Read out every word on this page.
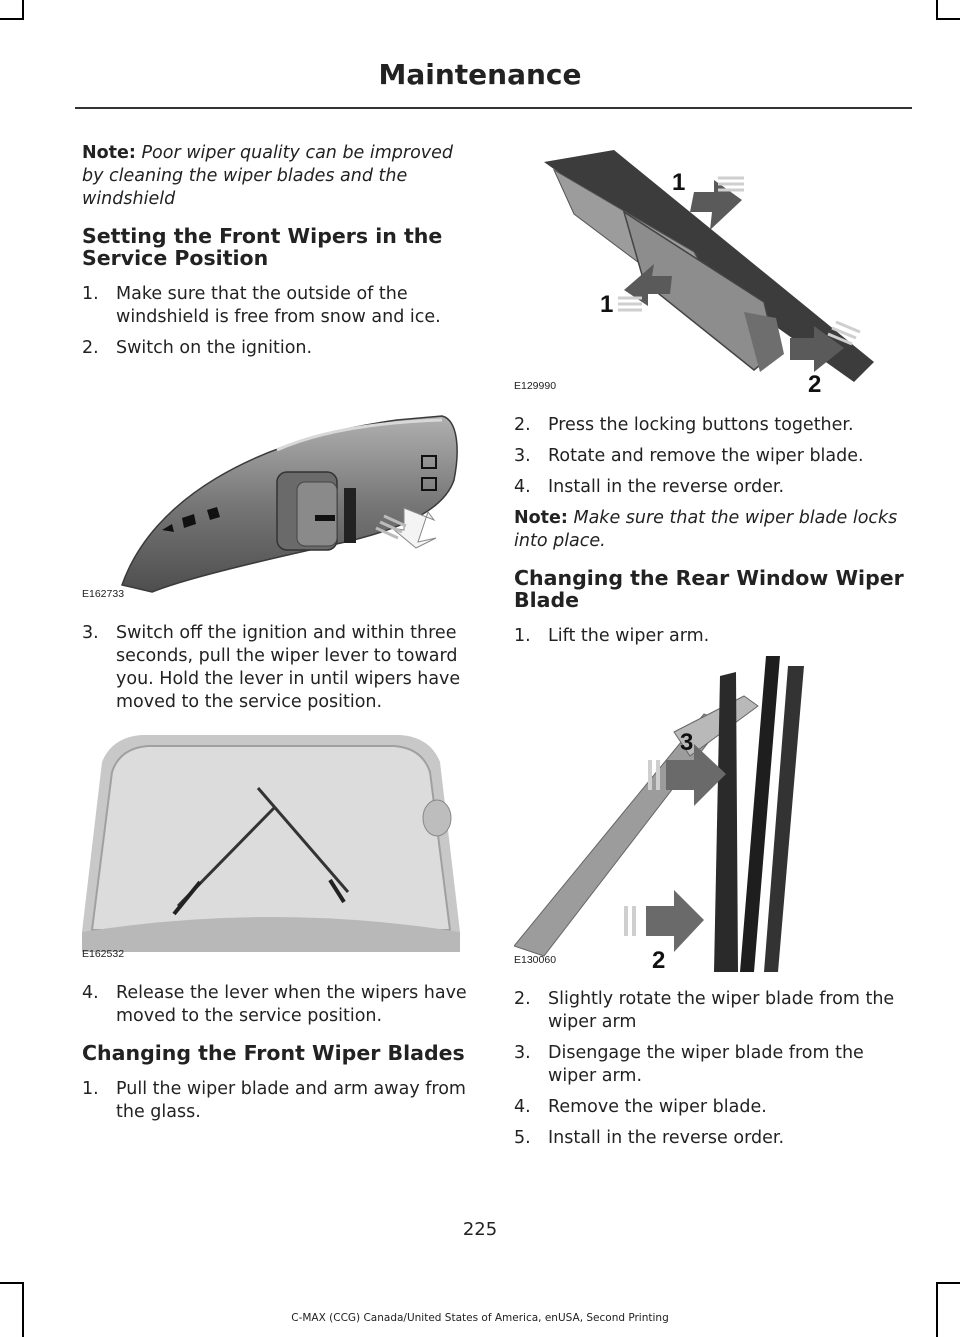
Maintenance

Note: Poor wiper quality can be improved by cleaning the wiper blades and the windshield

Setting the Front Wipers in the Service Position
1. Make sure that the outside of the windshield is free from snow and ice.
2. Switch on the ignition.
E162733
3. Switch off the ignition and within three seconds, pull the wiper lever to toward you. Hold the lever in until wipers have moved to the service position.
E162532
4. Release the lever when the wipers have moved to the service position.
Changing the Front Wiper Blades
1. Pull the wiper blade and arm away from the glass.
1
1
2
E129990
2. Press the locking buttons together.
3. Rotate and remove the wiper blade.
4. Install in the reverse order.

Note: Make sure that the wiper blade locks into place.

Changing the Rear Window Wiper Blade
1. Lift the wiper arm.
3
2
E130060
2. Slightly rotate the wiper blade from the wiper arm
3. Disengage the wiper blade from the wiper arm.
4. Remove the wiper blade.
5. Install in the reverse order.
225
C-MAX (CCG) Canada/United States of America, enUSA, Second Printing
